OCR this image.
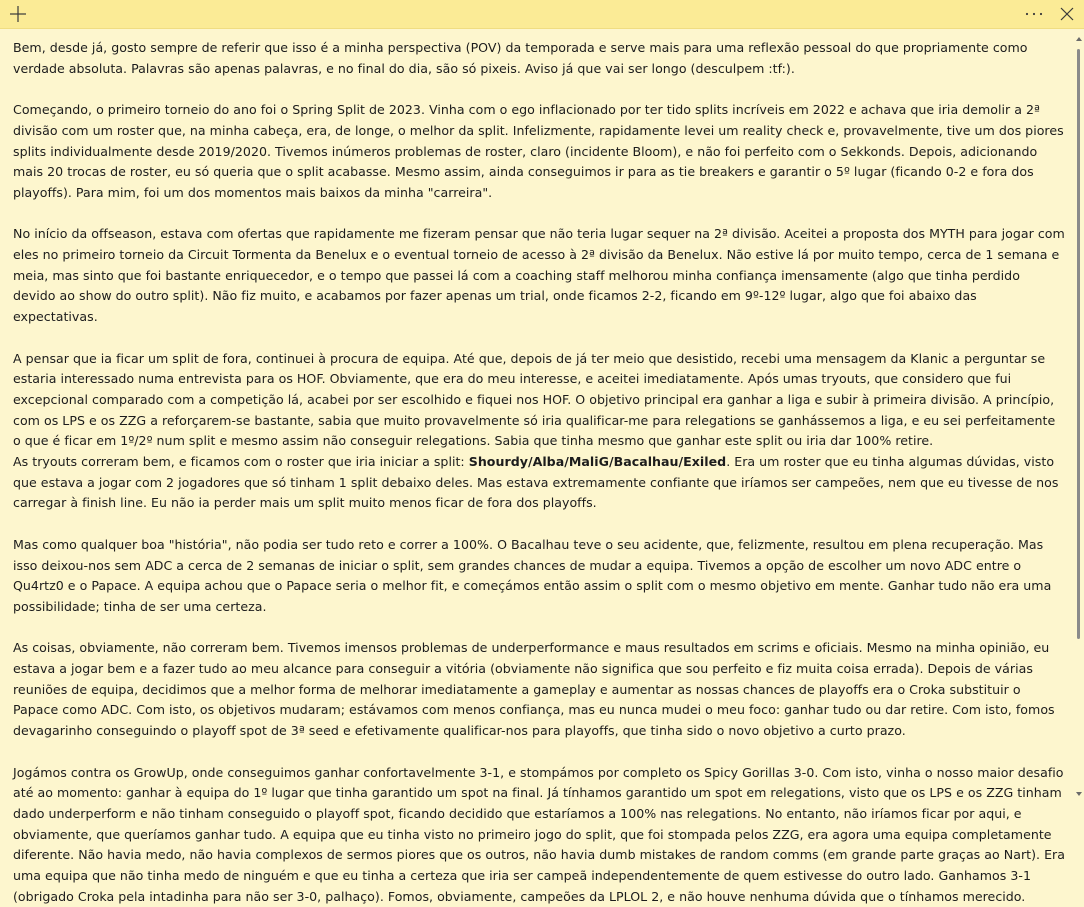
Bem, desde já, gosto sempre de referir que isso é a minha perspectiva (POV) da temporada e serve mais para uma reflexão pessoal do que propriamente como verdade absoluta. Palavras são apenas palavras, e no final do dia, são só pixeis. Aviso já que vai ser longo (desculpem :tf:).

Começando, o primeiro torneio do ano foi o Spring Split de 2023. Vinha com o ego inflacionado por ter tido splits incríveis em 2022 e achava que iria demolir a 2ª divisão com um roster que, na minha cabeça, era, de longe, o melhor da split. Infelizmente, rapidamente levei um reality check e, provavelmente, tive um dos piores splits individualmente desde 2019/2020. Tivemos inúmeros problemas de roster, claro (incidente Bloom), e não foi perfeito com o Sekkonds. Depois, adicionando mais 20 trocas de roster, eu só queria que o split acabasse. Mesmo assim, ainda conseguimos ir para as tie breakers e garantir o 5º lugar (ficando 0-2 e fora dos playoffs). Para mim, foi um dos momentos mais baixos da minha "carreira".

No início da offseason, estava com ofertas que rapidamente me fizeram pensar que não teria lugar sequer na 2ª divisão. Aceitei a proposta dos MYTH para jogar com eles no primeiro torneio da Circuit Tormenta da Benelux e o eventual torneio de acesso à 2ª divisão da Benelux. Não estive lá por muito tempo, cerca de 1 semana e meia, mas sinto que foi bastante enriquecedor, e o tempo que passei lá com a coaching staff melhorou minha confiança imensamente (algo que tinha perdido devido ao show do outro split). Não fiz muito, e acabamos por fazer apenas um trial, onde ficamos 2-2, ficando em 9º-12º lugar, algo que foi abaixo das expectativas.

A pensar que ia ficar um split de fora, continuei à procura de equipa. Até que, depois de já ter meio que desistido, recebi uma mensagem da Klanic a perguntar se estaria interessado numa entrevista para os HOF. Obviamente, que era do meu interesse, e aceitei imediatamente. Após umas tryouts, que considero que fui excepcional comparado com a competição lá, acabei por ser escolhido e fiquei nos HOF. O objetivo principal era ganhar a liga e subir à primeira divisão. A princípio, com os LPS e os ZZG a reforçarem-se bastante, sabia que muito provavelmente só iria qualificar-me para relegations se ganhássemos a liga, e eu sei perfeitamente o que é ficar em 1º/2º num split e mesmo assim não conseguir relegations. Sabia que tinha mesmo que ganhar este split ou iria dar 100% retire.

As tryouts correram bem, e ficamos com o roster que iria iniciar a split: Shourdy/Alba/MaliG/Bacalhau/Exiled. Era um roster que eu tinha algumas dúvidas, visto que estava a jogar com 2 jogadores que só tinham 1 split debaixo deles. Mas estava extremamente confiante que iríamos ser campeões, nem que eu tivesse de nos carregar à finish line. Eu não ia perder mais um split muito menos ficar de fora dos playoffs.

Mas como qualquer boa "história", não podia ser tudo reto e correr a 100%. O Bacalhau teve o seu acidente, que, felizmente, resultou em plena recuperação. Mas isso deixou-nos sem ADC a cerca de 2 semanas de iniciar o split, sem grandes chances de mudar a equipa. Tivemos a opção de escolher um novo ADC entre o Qu4rtz0 e o Papace. A equipa achou que o Papace seria o melhor fit, e começámos então assim o split com o mesmo objetivo em mente. Ganhar tudo não era uma possibilidade; tinha de ser uma certeza.

As coisas, obviamente, não correram bem. Tivemos imensos problemas de underperformance e maus resultados em scrims e oficiais. Mesmo na minha opinião, eu estava a jogar bem e a fazer tudo ao meu alcance para conseguir a vitória (obviamente não significa que sou perfeito e fiz muita coisa errada). Depois de várias reuniões de equipa, decidimos que a melhor forma de melhorar imediatamente a gameplay e aumentar as nossas chances de playoffs era o Croka substituir o Papace como ADC. Com isto, os objetivos mudaram; estávamos com menos confiança, mas eu nunca mudei o meu foco: ganhar tudo ou dar retire. Com isto, fomos devagarinho conseguindo o playoff spot de 3ª seed e efetivamente qualificar-nos para playoffs, que tinha sido o novo objetivo a curto prazo.

Jogámos contra os GrowUp, onde conseguimos ganhar confortavelmente 3-1, e stompámos por completo os Spicy Gorillas 3-0. Com isto, vinha o nosso maior desafio até ao momento: ganhar à equipa do 1º lugar que tinha garantido um spot na final. Já tínhamos garantido um spot em relegations, visto que os LPS e os ZZG tinham dado underperform e não tinham conseguido o playoff spot, ficando decidido que estaríamos a 100% nas relegations. No entanto, não iríamos ficar por aqui, e obviamente, que queríamos ganhar tudo. A equipa que eu tinha visto no primeiro jogo do split, que foi stompada pelos ZZG, era agora uma equipa completamente diferente. Não havia medo, não havia complexos de sermos piores que os outros, não havia dumb mistakes de random comms (em grande parte graças ao Nart). Era uma equipa que não tinha medo de ninguém e que eu tinha a certeza que iria ser campeã independentemente de quem estivesse do outro lado. Ganhamos 3-1 (obrigado Croka pela intadinha para não ser 3-0, palhaço). Fomos, obviamente, campeões da LPLOL 2, e não houve nenhuma dúvida que o tínhamos merecido.
